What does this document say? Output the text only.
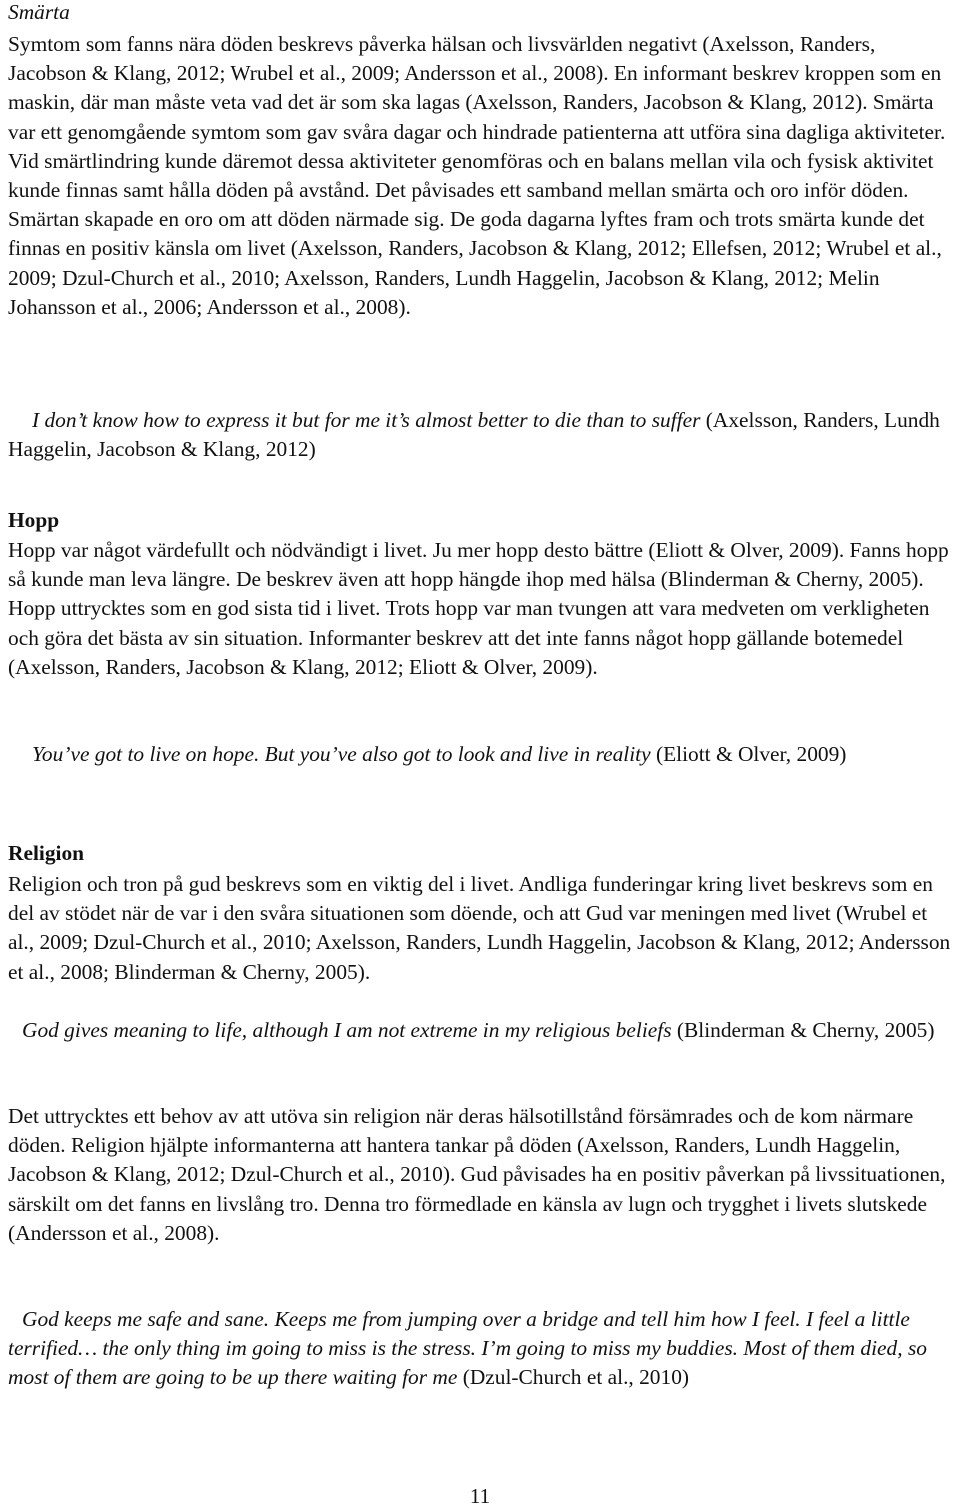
Smärta

Symtom som fanns nära döden beskrevs påverka hälsan och livsvärlden negativt (Axelsson, Randers, Jacobson & Klang, 2012; Wrubel et al., 2009; Andersson et al., 2008). En informant beskrev kroppen som en maskin, där man måste veta vad det är som ska lagas (Axelsson, Randers, Jacobson & Klang, 2012). Smärta var ett genomgående symtom som gav svåra dagar och hindrade patienterna att utföra sina dagliga aktiviteter. Vid smärtlindring kunde däremot dessa aktiviteter genomföras och en balans mellan vila och fysisk aktivitet kunde finnas samt hålla döden på avstånd. Det påvisades ett samband mellan smärta och oro inför döden. Smärtan skapade en oro om att döden närmade sig. De goda dagarna lyftes fram och trots smärta kunde det finnas en positiv känsla om livet (Axelsson, Randers, Jacobson & Klang, 2012; Ellefsen, 2012; Wrubel et al., 2009; Dzul-Church et al., 2010; Axelsson, Randers, Lundh Haggelin, Jacobson & Klang, 2012; Melin Johansson et al., 2006; Andersson et al., 2008).

I don’t know how to express it but for me it’s almost better to die than to suffer (Axelsson, Randers, Lundh Haggelin, Jacobson & Klang, 2012)

Hopp

Hopp var något värdefullt och nödvändigt i livet. Ju mer hopp desto bättre (Eliott & Olver, 2009). Fanns hopp så kunde man leva längre. De beskrev även att hopp hängde ihop med hälsa (Blinderman & Cherny, 2005). Hopp uttrycktes som en god sista tid i livet. Trots hopp var man tvungen att vara medveten om verkligheten och göra det bästa av sin situation. Informanter beskrev att det inte fanns något hopp gällande botemedel (Axelsson, Randers, Jacobson & Klang, 2012; Eliott & Olver, 2009).

You’ve got to live on hope. But you’ve also got to look and live in reality (Eliott & Olver, 2009)

Religion

Religion och tron på gud beskrevs som en viktig del i livet. Andliga funderingar kring livet beskrevs som en del av stödet när de var i den svåra situationen som döende, och att Gud var meningen med livet (Wrubel et al., 2009; Dzul-Church et al., 2010; Axelsson, Randers, Lundh Haggelin, Jacobson & Klang, 2012; Andersson et al., 2008; Blinderman & Cherny, 2005).

God gives meaning to life, although I am not extreme in my religious beliefs (Blinderman & Cherny, 2005)

Det uttrycktes ett behov av att utöva sin religion när deras hälsotillstånd försämrades och de kom närmare döden. Religion hjälpte informanterna att hantera tankar på döden (Axelsson, Randers, Lundh Haggelin, Jacobson & Klang, 2012; Dzul-Church et al., 2010). Gud påvisades ha en positiv påverkan på livssituationen, särskilt om det fanns en livslång tro. Denna tro förmedlade en känsla av lugn och trygghet i livets slutskede (Andersson et al., 2008).

God keeps me safe and sane. Keeps me from jumping over a bridge and tell him how I feel. I feel a little terrified… the only thing im going to miss is the stress. I’m going to miss my buddies. Most of them died, so most of them are going to be up there waiting for me (Dzul-Church et al., 2010)

11
